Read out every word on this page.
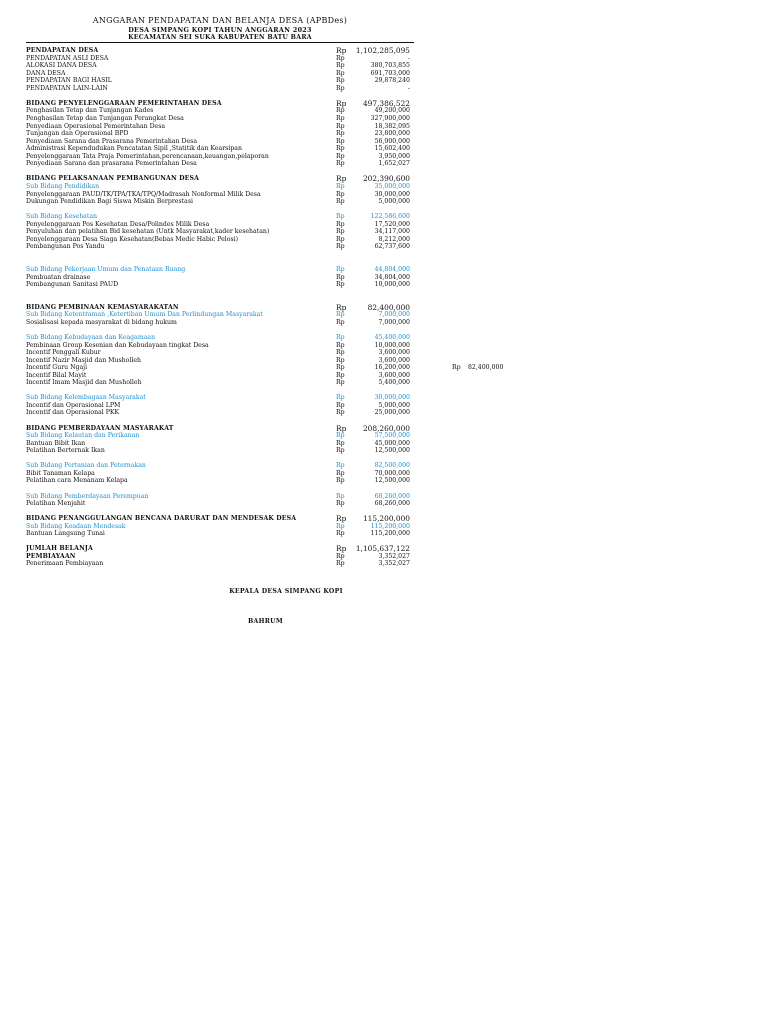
ANGGARAN PENDAPATAN DAN BELANJA DESA (APBDes)
DESA SIMPANG KOPI TAHUN ANGGARAN 2023
KECAMATAN SEI SUKA KABUPATEN BATU BARA
PENDAPATAN DESA	Rp	1,102,285,095
PENDAPATAN ASLI DESA	Rp	-
ALOKASI DANA DESA	Rp	380,703,855
DANA DESA	Rp	691,703,000
PENDAPATAN BAGI HASIL	Rp	29,878,240
PENDAPATAN LAIN-LAIN	Rp	-
BIDANG PENYELENGGARAAN PEMERINTAHAN DESA	Rp	497,386,522
Penghasilan Tetap dan Tunjangan Kades	Rp	49,200,000
Penghasilan Tetap dan Tunjangan Perangkat Desa	Rp	327,900,000
Penyediaan Operasional Pemerintahan Desa	Rp	18,382,095
Tunjangan dan Operasional BPD	Rp	23,800,000
Penyediaan Sarana dan Prasarana Pemerintahan Desa	Rp	56,900,000
Administrasi Kependudukan Pencatatan Sipil ,Statitik dan Kearsipan	Rp	15,602,400
Penyelenggaraan Tata Praja Pemerintahan,perencanaan,keuangan,pelaporan	Rp	3,950,000
Penyediaan Sarana dan prasarana Pemerintahan Desa	Rp	1,652,027
BIDANG PELAKSANAAN PEMBANGUNAN DESA	Rp	202,390,600
Sub Bidang Pendidikan	Rp	35,000,000
Penyelenggaraan PAUD/TK/TPA/TKA/TPQ/Madrasah Nonformal Milik Desa	Rp	30,000,000
Dukungan Pendidikan Bagi Siswa Miskin Berprestasi	Rp	5,000,000
Sub Bidang Kesehatan	Rp	122,586,600
Penyelenggaraan Pos Kesehatan Desa/Polindes Milik Desa	Rp	17,520,000
Penyuluhan dan pelatihan Bid kesehatan (Untk Masyarakat,kader kesehatan)	Rp	34,117,000
Penyelenggaraan Desa Siaga Kesehatan(Bebas Medic Habic Pelosi)	Rp	8,212,000
Pembangunan Pos Yandu	Rp	62,737,600
Sub Bidang Pekerjaan Umum dan Penataan Ruang	Rp	44,804,000
Pembuatan drainase	Rp	34,804,000
Pembangunan Sanitasi PAUD	Rp	10,000,000
BIDANG PEMBINAAN KEMASYARAKATAN	Rp	82,400,000
Sub Bidang Ketentraman ,Ketertiban Umum Dan Perlindungan Masyarakat	Rp	7,000,000
Sosialisasi kepada masyarakat di bidang hukum	Rp	7,000,000
Sub Bidang Kebudayaan dan Keagamaan	Rp	45,400,000
Pembinaan Group Kesenian dan Kebudayaan tingkat Desa	Rp	10,000,000
Incentif Penggali Kubur	Rp	3,600,000
Incentif Nazir Masjid dan Musholleh	Rp	3,600,000
Incentif Guru Ngaji	Rp	16,200,000
Incentif Bilal Mayit	Rp	3,600,000
Incentif Imam Masjid dan Musholleh	Rp	5,400,000
Sub Bidang Kelembagaan Masyarakat	Rp	30,000,000
Incentif dan Operasional LPM	Rp	5,000,000
Incentif dan Operasional PKK	Rp	25,000,000
BIDANG PEMBERDAYAAN MASYARAKAT	Rp	208,260,000
Sub Bidang Kelautan dan Perikanan	Rp	57,500,000
Bantuan Bibit Ikan	Rp	45,000,000
Pelatihan Berternak Ikan	Rp	12,500,000
Sub Bidang Pertanian dan Peternakan	Rp	82,500,000
Bibit Tanaman Kelapa	Rp	70,000,000
Pelatihan cara Menanam Kelapa	Rp	12,500,000
Sub Bidang Pemberdayaan Perempuan	Rp	68,260,000
Pelatihan Menjahit	Rp	68,260,000
BIDANG PENANGGULANGAN BENCANA DARURAT DAN MENDESAK DESA	Rp	115,200,000
Sub Bidang Keadaan Mendesak	Rp	115,200,000
Bantuan Langsung Tunai	Rp	115,200,000
JUMLAH BELANJA	Rp	1,105,637,122
PEMBIAYAAN	Rp	3,352,027
Penerimaan Pembiayaan	Rp	3,352,027
Rp 82,400,000
KEPALA DESA SIMPANG KOPI
BAHRUM
